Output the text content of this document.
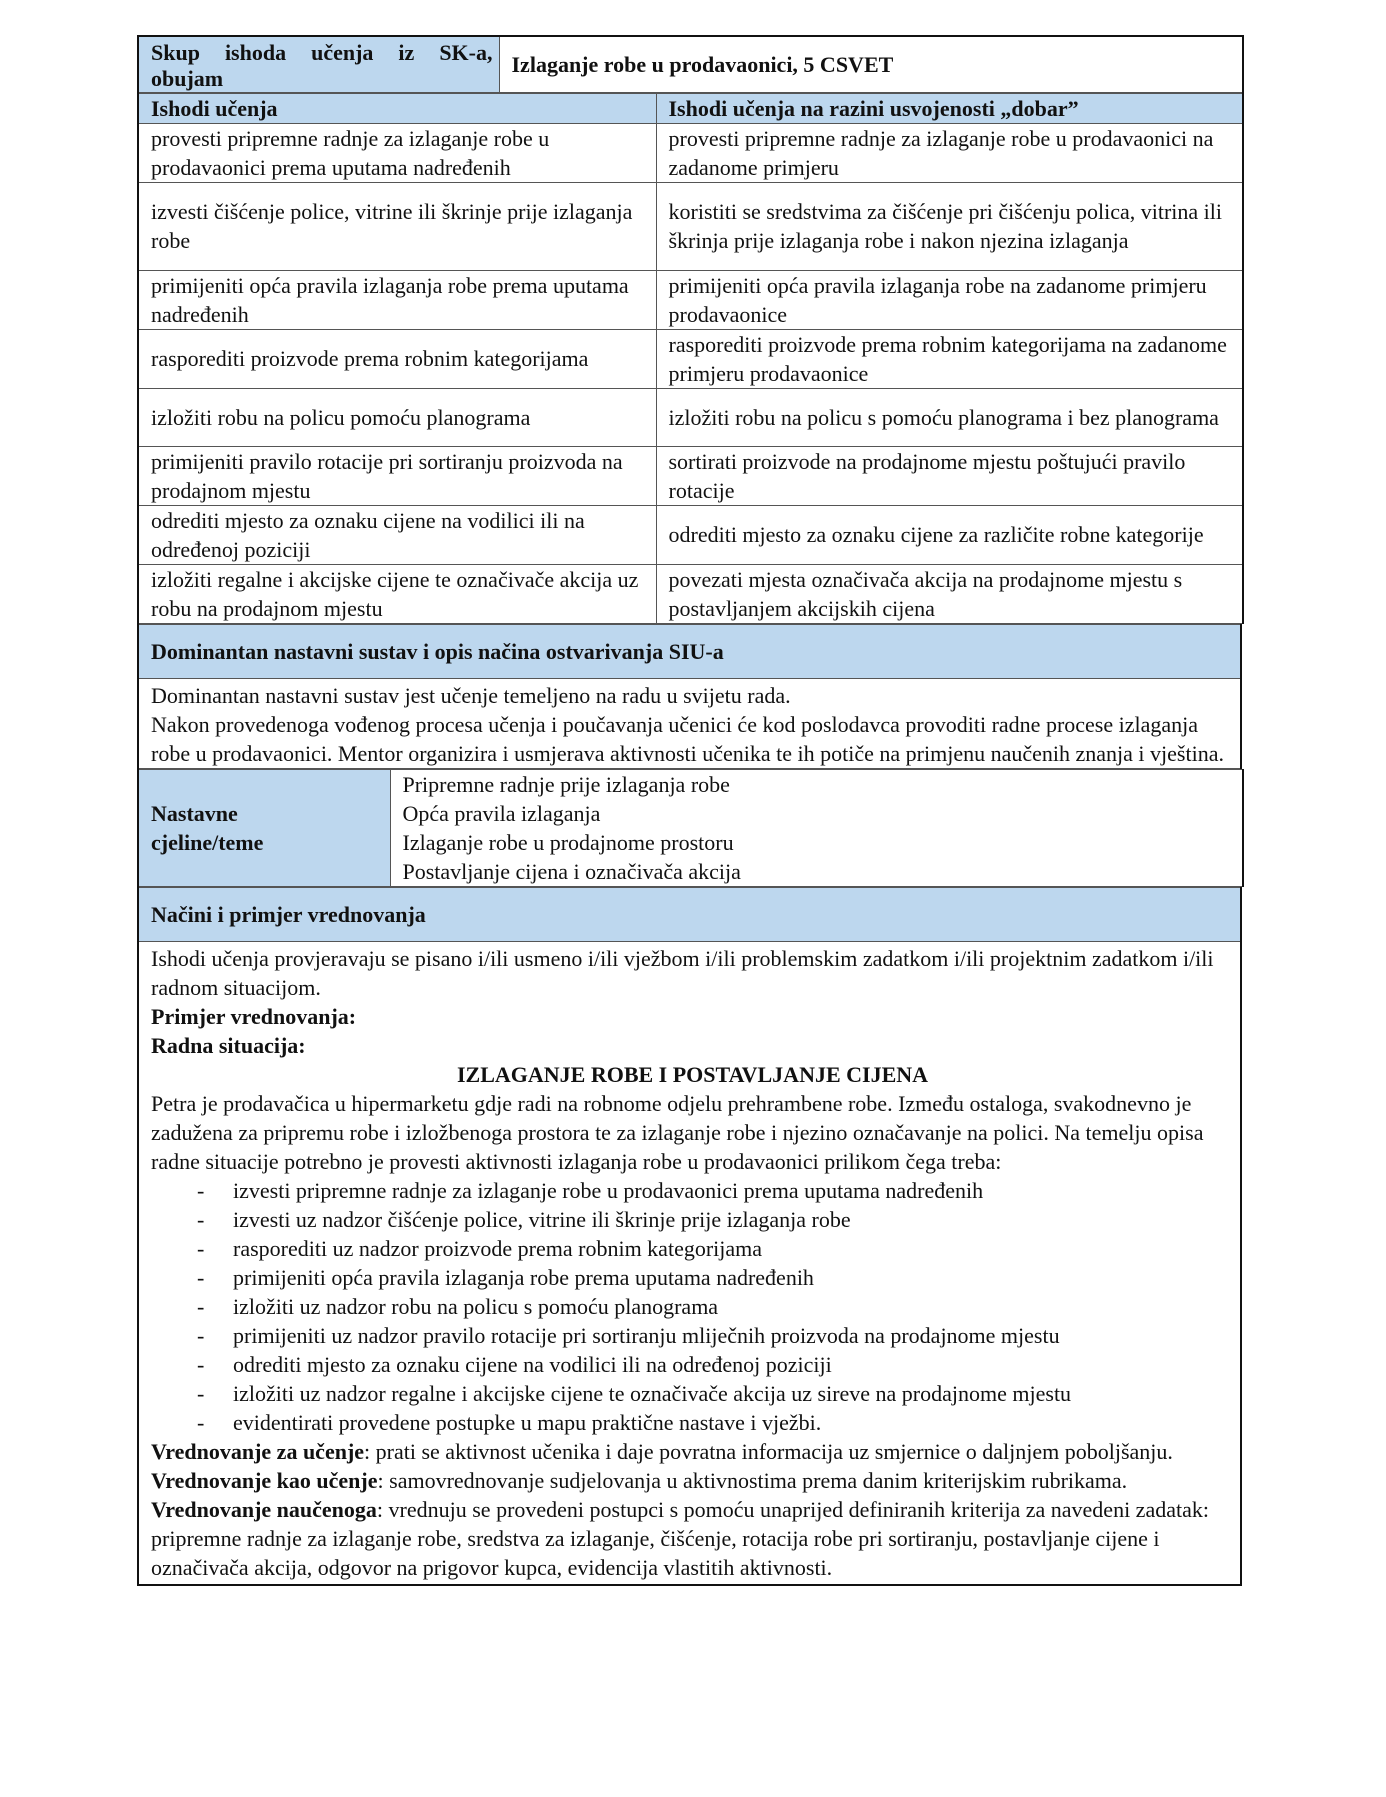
Skup ishoda učenja iz SK-a,
obujam
	Izlaganje robe u prodavaonici, 5 CSVET
Ishodi učenja	Ishodi učenja na razini usvojenosti „dobar”
provesti pripremne radnje za izlaganje robe u prodavaonici prema uputama nadređenih	provesti pripremne radnje za izlaganje robe u prodavaonici na zadanome primjeru
izvesti čišćenje police, vitrine ili škrinje prije izlaganja robe	koristiti se sredstvima za čišćenje pri čišćenju polica, vitrina ili škrinja prije izlaganja robe i nakon njezina izlaganja
primijeniti opća pravila izlaganja robe prema uputama nadređenih	primijeniti opća pravila izlaganja robe na zadanome primjeru prodavaonice
rasporediti proizvode prema robnim kategorijama	rasporediti proizvode prema robnim kategorijama na zadanome primjeru prodavaonice
izložiti robu na policu pomoću planograma	izložiti robu na policu s pomoću planograma i bez planograma
primijeniti pravilo rotacije pri sortiranju proizvoda na prodajnom mjestu	sortirati proizvode na prodajnome mjestu poštujući pravilo rotacije
odrediti mjesto za oznaku cijene na vodilici ili na određenoj poziciji	odrediti mjesto za oznaku cijene za različite robne kategorije
izložiti regalne i akcijske cijene te označivače akcija uz robu na prodajnom mjestu	povezati mjesta označivača akcija na prodajnome mjestu s postavljanjem akcijskih cijena
Dominantan nastavni sustav i opis načina ostvarivanja SIU-a

Dominantan nastavni sustav jest učenje temeljeno na radu u svijetu rada.
Nakon provedenoga vođenog procesa učenja i poučavanja učenici će kod poslodavca provoditi radne procese izlaganja robe u prodavaonici. Mentor organizira i usmjerava aktivnosti učenika te ih potiče na primjenu naučenih znanja i vještina.
Nastavne
cjeline/teme

Pripremne radnje prije izlaganja robe
Opća pravila izlaganja
Izlaganje robe u prodajnome prostoru
Postavljanje cijena i označivača akcija
Načini i primjer vrednovanja

Ishodi učenja provjeravaju se pisano i/ili usmeno i/ili vježbom i/ili problemskim zadatkom i/ili projektnim zadatkom i/ili radnom situacijom.
Primjer vrednovanja:
Radna situacija:
IZLAGANJE ROBE I POSTAVLJANJE CIJENA
Petra je prodavačica u hipermarketu gdje radi na robnome odjelu prehrambene robe. Između ostaloga, svakodnevno je zadužena za pripremu robe i izložbenoga prostora te za izlaganje robe i njezino označavanje na polici. Na temelju opisa radne situacije potrebno je provesti aktivnosti izlaganja robe u prodavaonici prilikom čega treba:
- izvesti pripremne radnje za izlaganje robe u prodavaonici prema uputama nadređenih
- izvesti uz nadzor čišćenje police, vitrine ili škrinje prije izlaganja robe
- rasporediti uz nadzor proizvode prema robnim kategorijama
- primijeniti opća pravila izlaganja robe prema uputama nadređenih
- izložiti uz nadzor robu na policu s pomoću planograma
- primijeniti uz nadzor pravilo rotacije pri sortiranju mliječnih proizvoda na prodajnome mjestu
- odrediti mjesto za oznaku cijene na vodilici ili na određenoj poziciji
- izložiti uz nadzor regalne i akcijske cijene te označivače akcija uz sireve na prodajnome mjestu
- evidentirati provedene postupke u mapu praktične nastave i vježbi.
Vrednovanje za učenje: prati se aktivnost učenika i daje povratna informacija uz smjernice o daljnjem poboljšanju.
Vrednovanje kao učenje: samovrednovanje sudjelovanja u aktivnostima prema danim kriterijskim rubrikama.
Vrednovanje naučenoga: vrednuju se provedeni postupci s pomoću unaprijed definiranih kriterija za navedeni zadatak: pripremne radnje za izlaganje robe, sredstva za izlaganje, čišćenje, rotacija robe pri sortiranju, postavljanje cijene i označivača akcija, odgovor na prigovor kupca, evidencija vlastitih aktivnosti.
